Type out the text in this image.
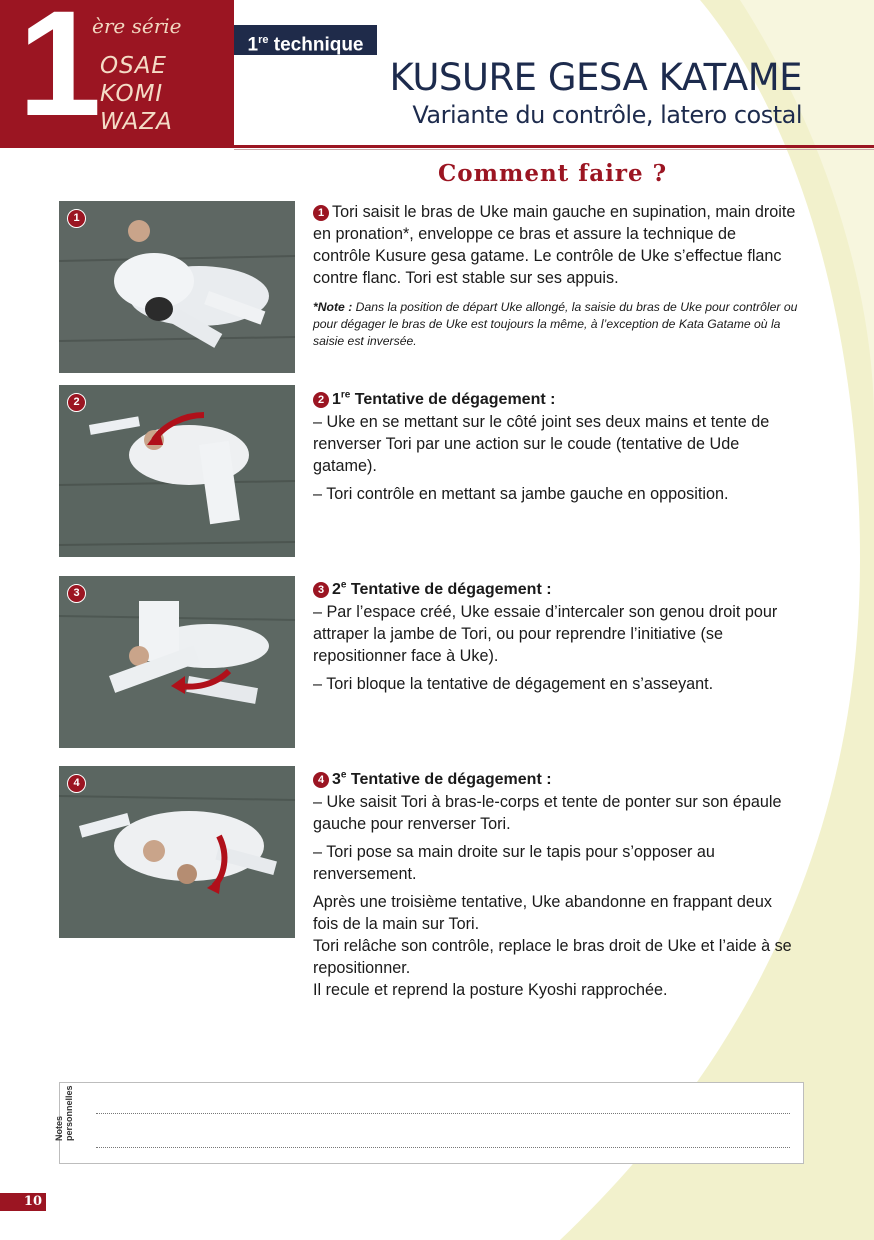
1
ère série
OSAE
KOMI
WAZA
1re technique
KUSURE GESA KATAME
Variante du contrôle, latero costal
Comment faire ?
1
2
3
4

1 Tori saisit le bras de Uke main gauche en supination, main droite en pronation*, enveloppe ce bras et assure la technique de contrôle Kusure gesa gatame. Le contrôle de Uke s’effectue flanc contre flanc. Tori est stable sur ses appuis.

*Note : Dans la position de départ Uke allongé, la saisie du bras de Uke pour contrôler ou pour dégager le bras de Uke est toujours la même, à l’exception de Kata Gatame où la saisie est inversée.

2 1re Tentative de dégagement :

– Uke en se mettant sur le côté joint ses deux mains et tente de renverser Tori par une action sur le coude (tentative de Ude gatame).

– Tori contrôle en mettant sa jambe gauche en opposition.

3 2e Tentative de dégagement :

– Par l’espace créé, Uke essaie d’intercaler son genou droit pour attraper la jambe de Tori, ou pour reprendre l’initiative (se repositionner face à Uke).

– Tori bloque la tentative de dégagement en s’asseyant.

4 3e Tentative de dégagement :

– Uke saisit Tori à bras-le-corps et tente de ponter sur son épaule gauche pour renverser Tori.

– Tori pose sa main droite sur le tapis pour s’opposer au renversement.

Après une troisième tentative, Uke abandonne en frappant deux fois de la main sur Tori.

Tori relâche son contrôle, replace le bras droit de Uke et l’aide à se repositionner.

Il recule et reprend la posture Kyoshi rapprochée.

Notes personnelles
10
